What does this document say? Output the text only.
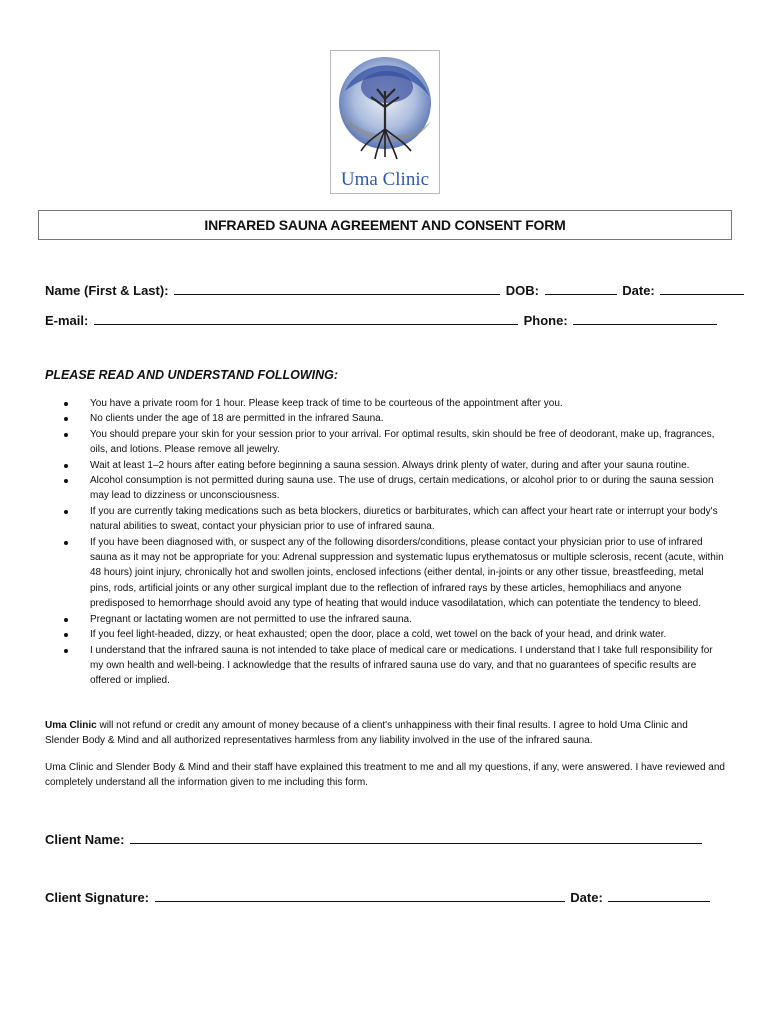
Uma Clinic
INFRARED SAUNA AGREEMENT AND CONSENT FORM
Name (First & Last):	DOB:	Date:
E-mail:	Phone:
PLEASE READ AND UNDERSTAND FOLLOWING:
You have a private room for 1 hour. Please keep track of time to be courteous of the appointment after you.
No clients under the age of 18 are permitted in the infrared Sauna.
You should prepare your skin for your session prior to your arrival. For optimal results, skin should be free of deodorant, make up, fragrances, oils, and lotions. Please remove all jewelry.
Wait at least 1–2 hours after eating before beginning a sauna session. Always drink plenty of water, during and after your sauna routine.
Alcohol consumption is not permitted during sauna use. The use of drugs, certain medications, or alcohol prior to or during the sauna session may lead to dizziness or unconsciousness.
If you are currently taking medications such as beta blockers, diuretics or barbiturates, which can affect your heart rate or interrupt your body's natural abilities to sweat, contact your physician prior to use of infrared sauna.
If you have been diagnosed with, or suspect any of the following disorders/conditions, please contact your physician prior to use of infrared sauna as it may not be appropriate for you: Adrenal suppression and systematic lupus erythematosus or multiple sclerosis, recent (acute, within 48 hours) joint injury, chronically hot and swollen joints, enclosed infections (either dental, in-joints or any other tissue, breastfeeding, metal pins, rods, artificial joints or any other surgical implant due to the reflection of infrared rays by these articles, hemophiliacs and anyone predisposed to hemorrhage should avoid any type of heating that would induce vasodilatation, which can potentiate the tendency to bleed.
Pregnant or lactating women are not permitted to use the infrared sauna.
If you feel light-headed, dizzy, or heat exhausted; open the door, place a cold, wet towel on the back of your head, and drink water.
I understand that the infrared sauna is not intended to take place of medical care or medications. I understand that I take full responsibility for my own health and well-being. I acknowledge that the results of infrared sauna use do vary, and that no guarantees of specific results are offered or implied.
Uma Clinic will not refund or credit any amount of money because of a client's unhappiness with their final results. I agree to hold Uma Clinic and Slender Body & Mind and all authorized representatives harmless from any liability involved in the use of the infrared sauna.
Uma Clinic and Slender Body & Mind and their staff have explained this treatment to me and all my questions, if any, were answered. I have reviewed and completely understand all the information given to me including this form.
Client Name:
Client Signature:	Date:
